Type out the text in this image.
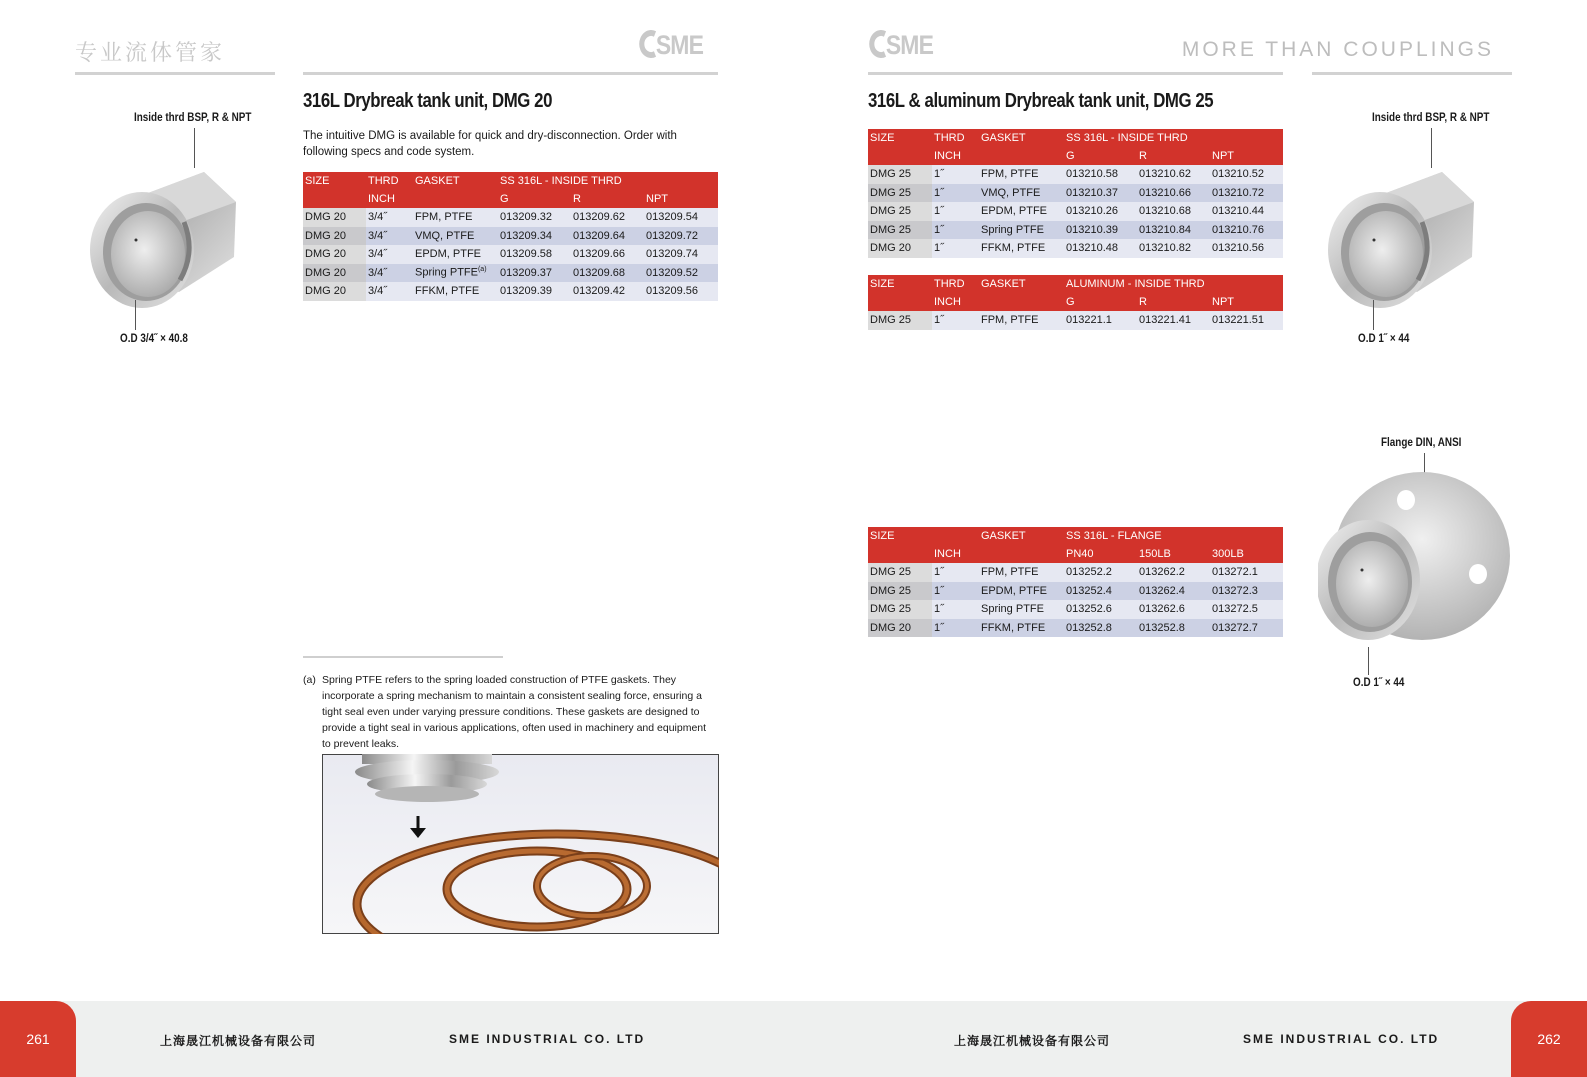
专业流体管家	SME	SME	MORE THAN COUPLINGS
316L Drybreak tank unit, DMG 20
The intuitive DMG is available for quick and dry-disconnection. Order with following specs and code system.
Inside thrd BSP, R & NPT
O.D 3/4˝ × 40.8
SIZE	THRD	GASKET	SS 316L - INSIDE THRD		
	INCH		G	R	NPT
DMG 20	3/4˝	FPM, PTFE	013209.32	013209.62	013209.54
DMG 20	3/4˝	VMQ, PTFE	013209.34	013209.64	013209.72
DMG 20	3/4˝	EPDM, PTFE	013209.58	013209.66	013209.74
DMG 20	3/4˝	Spring PTFE$^{(a)}$	013209.37	013209.68	013209.52
DMG 20	3/4˝	FFKM, PTFE	013209.39	013209.42	013209.56
(a) Spring PTFE refers to the spring loaded construction of PTFE gaskets. They incorporate a spring mechanism to maintain a consistent sealing force, ensuring a tight seal even under varying pressure conditions. These gaskets are designed to provide a tight seal in various applications, often used in machinery and equipment to prevent leaks.
316L & aluminum Drybreak tank unit, DMG 25
SIZE	THRD	GASKET	SS 316L - INSIDE THRD		
	INCH		G	R	NPT
DMG 25	1˝	FPM, PTFE	013210.58	013210.62	013210.52
DMG 25	1˝	VMQ, PTFE	013210.37	013210.66	013210.72
DMG 25	1˝	EPDM, PTFE	013210.26	013210.68	013210.44
DMG 25	1˝	Spring PTFE	013210.39	013210.84	013210.76
DMG 20	1˝	FFKM, PTFE	013210.48	013210.82	013210.56
SIZE	THRD	GASKET	ALUMINUM - INSIDE THRD		
	INCH		G	R	NPT
DMG 25	1˝	FPM, PTFE	013221.1	013221.41	013221.51
SIZE		GASKET	SS 316L - FLANGE		
	INCH		PN40	150LB	300LB
DMG 25	1˝	FPM, PTFE	013252.2	013262.2	013272.1
DMG 25	1˝	EPDM, PTFE	013252.4	013262.4	013272.3
DMG 25	1˝	Spring PTFE	013252.6	013262.6	013272.5
DMG 20	1˝	FFKM, PTFE	013252.8	013252.8	013272.7
Inside thrd BSP, R & NPT
O.D 1˝ × 44
Flange DIN, ANSI
O.D 1˝ × 44
261	262
上海晟江机械设备有限公司	SME INDUSTRIAL CO. LTD	上海晟江机械设备有限公司	SME INDUSTRIAL CO. LTD
